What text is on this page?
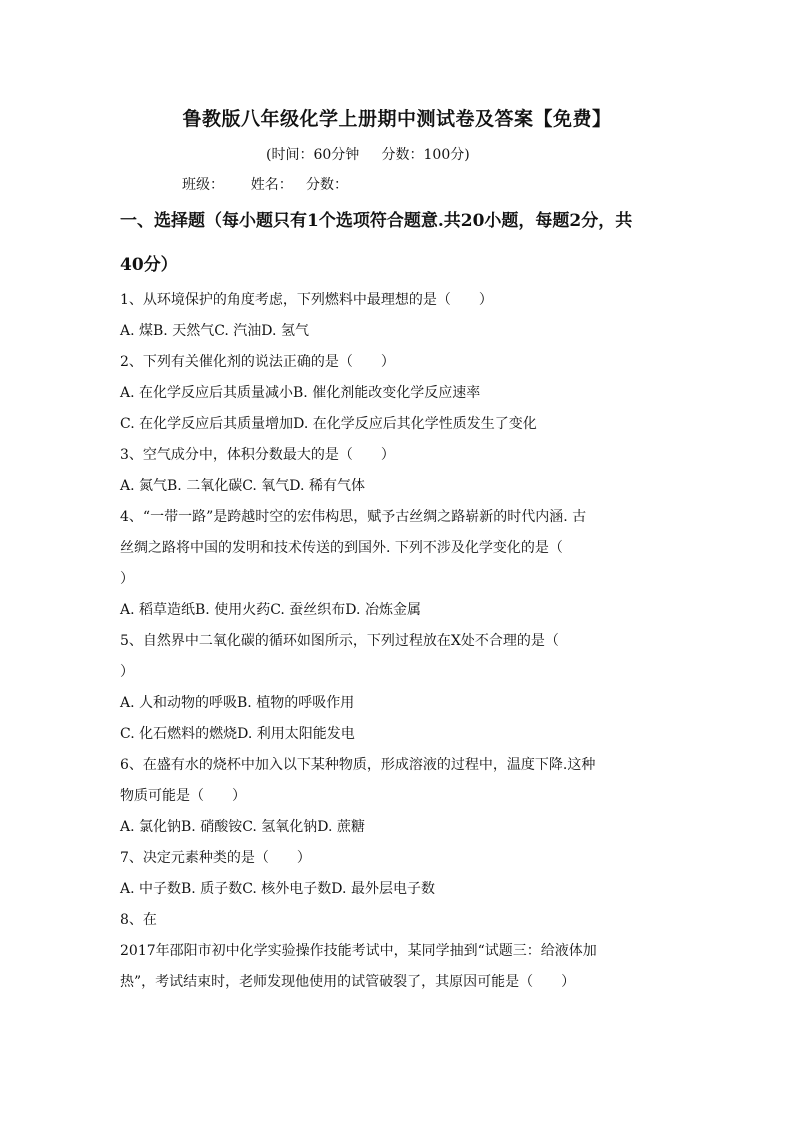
鲁教版八年级化学上册期中测试卷及答案【免费】
(时间：60分钟     分数：100分)
班级：      姓名：   分数：
一、选择题（每小题只有1个选项符合题意.共20小题，每题2分，共
40分）
1、从环境保护的角度考虑，下列燃料中最理想的是（　　）
A. 煤B. 天然气C. 汽油D. 氢气
2、下列有关催化剂的说法正确的是（　　）
A. 在化学反应后其质量减小B. 催化剂能改变化学反应速率
C. 在化学反应后其质量增加D. 在化学反应后其化学性质发生了变化
3、空气成分中，体积分数最大的是（　　）
A. 氮气B. 二氧化碳C. 氧气D. 稀有气体
4、“一带一路”是跨越时空的宏伟构思，赋予古丝绸之路崭新的时代内涵. 古
丝绸之路将中国的发明和技术传送的到国外. 下列不涉及化学变化的是（
）
A. 稻草造纸B. 使用火药C. 蚕丝织布D. 冶炼金属
5、自然界中二氧化碳的循环如图所示，下列过程放在X处不合理的是（
）
A. 人和动物的呼吸B. 植物的呼吸作用
C. 化石燃料的燃烧D. 利用太阳能发电
6、在盛有水的烧杯中加入以下某种物质，形成溶液的过程中，温度下降.这种
物质可能是（　　）
A. 氯化钠B. 硝酸铵C. 氢氧化钠D. 蔗糖
7、决定元素种类的是（　　）
A. 中子数B. 质子数C. 核外电子数D. 最外层电子数
8、在
2017年邵阳市初中化学实验操作技能考试中，某同学抽到“试题三：给液体加
热”，考试结束时，老师发现他使用的试管破裂了，其原因可能是（　　）
